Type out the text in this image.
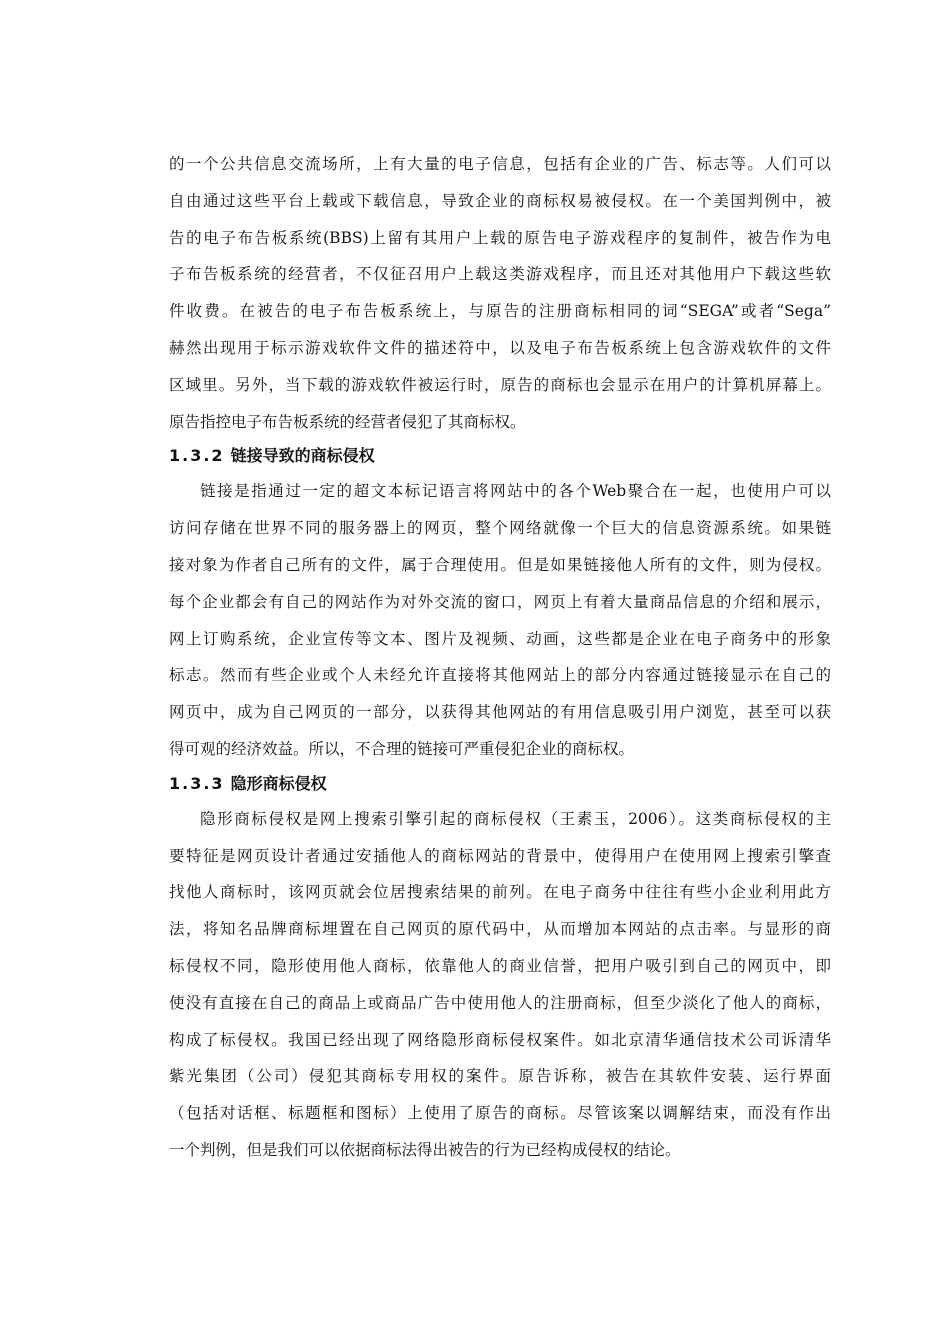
的一个公共信息交流场所，上有大量的电子信息，包括有企业的广告、标志等。人们可以
自由通过这些平台上载或下载信息，导致企业的商标权易被侵权。在一个美国判例中，被
告的电子布告板系统(BBS)上留有其用户上载的原告电子游戏程序的复制件，被告作为电
子布告板系统的经营者，不仅征召用户上载这类游戏程序，而且还对其他用户下载这些软
件收费。在被告的电子布告板系统上，与原告的注册商标相同的词“SEGA”或者“Sega”
赫然出现用于标示游戏软件文件的描述符中，以及电子布告板系统上包含游戏软件的文件
区域里。另外，当下载的游戏软件被运行时，原告的商标也会显示在用户的计算机屏幕上。
原告指控电子布告板系统的经营者侵犯了其商标权。
1.3.2 链接导致的商标侵权
链接是指通过一定的超文本标记语言将网站中的各个Web聚合在一起，也使用户可以
访问存储在世界不同的服务器上的网页，整个网络就像一个巨大的信息资源系统。如果链
接对象为作者自己所有的文件，属于合理使用。但是如果链接他人所有的文件，则为侵权。
每个企业都会有自己的网站作为对外交流的窗口，网页上有着大量商品信息的介绍和展示，
网上订购系统，企业宣传等文本、图片及视频、动画，这些都是企业在电子商务中的形象
标志。然而有些企业或个人未经允许直接将其他网站上的部分内容通过链接显示在自己的
网页中，成为自己网页的一部分，以获得其他网站的有用信息吸引用户浏览，甚至可以获
得可观的经济效益。所以，不合理的链接可严重侵犯企业的商标权。
1.3.3 隐形商标侵权
隐形商标侵权是网上搜索引擎引起的商标侵权（王素玉，2006）。这类商标侵权的主
要特征是网页设计者通过安插他人的商标网站的背景中，使得用户在使用网上搜索引擎查
找他人商标时，该网页就会位居搜索结果的前列。在电子商务中往往有些小企业利用此方
法，将知名品牌商标埋置在自己网页的原代码中，从而增加本网站的点击率。与显形的商
标侵权不同，隐形使用他人商标，依靠他人的商业信誉，把用户吸引到自己的网页中，即
使没有直接在自己的商品上或商品广告中使用他人的注册商标，但至少淡化了他人的商标，
构成了标侵权。我国已经出现了网络隐形商标侵权案件。如北京清华通信技术公司诉清华
紫光集团（公司）侵犯其商标专用权的案件。原告诉称，被告在其软件安装、运行界面
（包括对话框、标题框和图标）上使用了原告的商标。尽管该案以调解结束，而没有作出
一个判例，但是我们可以依据商标法得出被告的行为已经构成侵权的结论。
